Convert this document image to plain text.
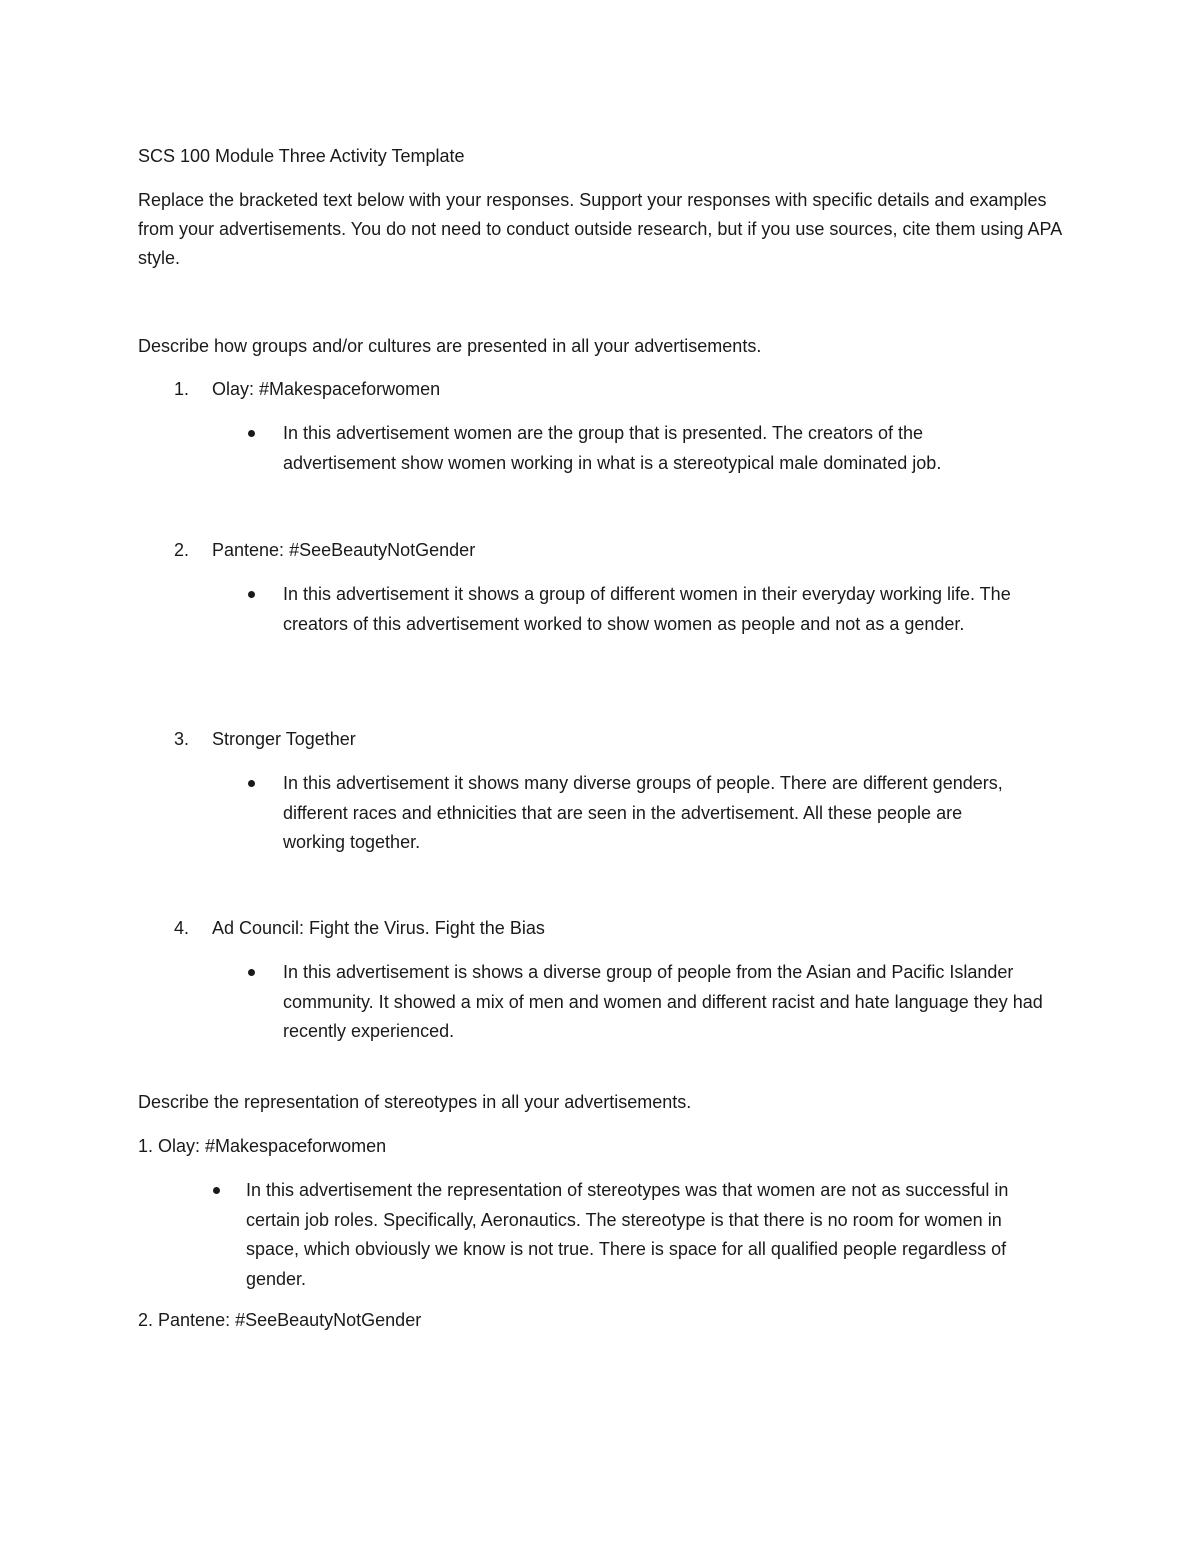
SCS 100 Module Three Activity Template

Replace the bracketed text below with your responses. Support your responses with specific details and examples from your advertisements. You do not need to conduct outside research, but if you use sources, cite them using APA style.

Describe how groups and/or cultures are presented in all your advertisements.

1. Olay: #Makespaceforwomen
In this advertisement women are the group that is presented. The creators of the advertisement show women working in what is a stereotypical male dominated job.
2. Pantene: #SeeBeautyNotGender
In this advertisement it shows a group of different women in their everyday working life. The creators of this advertisement worked to show women as people and not as a gender.
3. Stronger Together
In this advertisement it shows many diverse groups of people. There are different genders, different races and ethnicities that are seen in the advertisement. All these people are working together.
4. Ad Council: Fight the Virus. Fight the Bias
In this advertisement is shows a diverse group of people from the Asian and Pacific Islander community. It showed a mix of men and women and different racist and hate language they had recently experienced.

Describe the representation of stereotypes in all your advertisements.

1. Olay: #Makespaceforwomen
In this advertisement the representation of stereotypes was that women are not as successful in certain job roles. Specifically, Aeronautics. The stereotype is that there is no room for women in space, which obviously we know is not true. There is space for all qualified people regardless of gender.
2. Pantene: #SeeBeautyNotGender
